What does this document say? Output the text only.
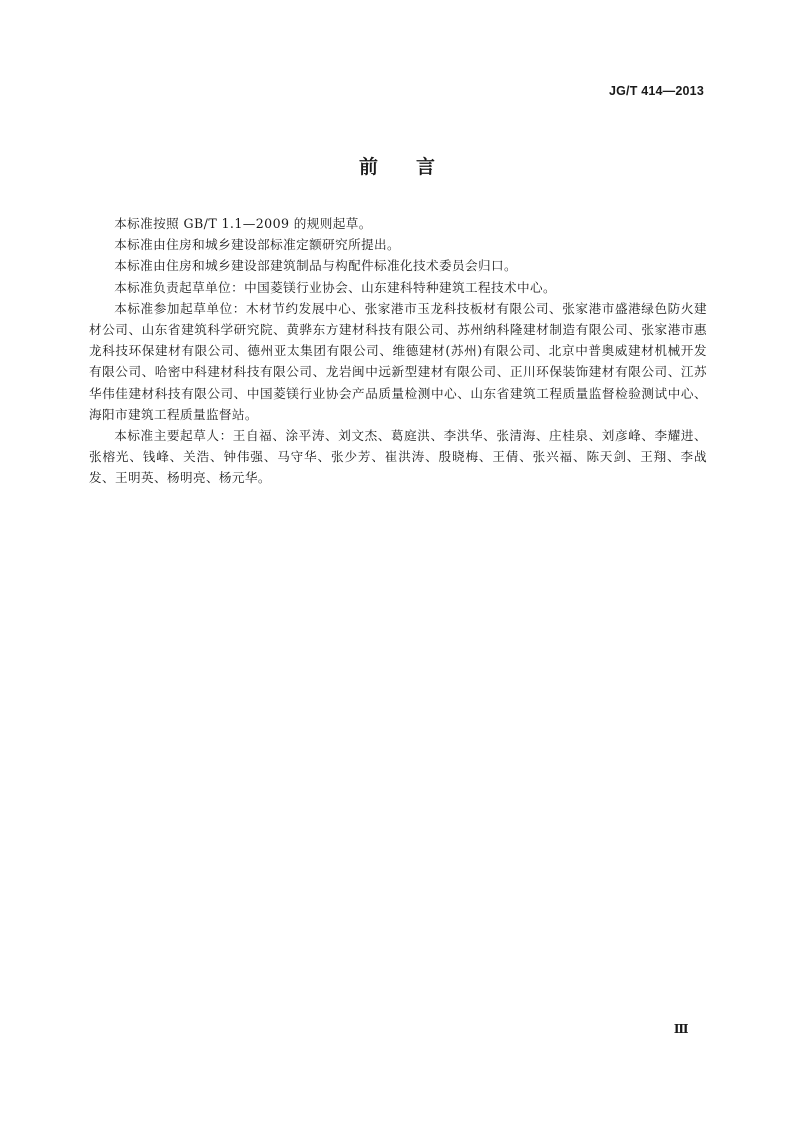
JG/T 414—2013
前言

本标准按照 GB/T 1.1—2009 的规则起草。

本标准由住房和城乡建设部标准定额研究所提出。

本标准由住房和城乡建设部建筑制品与构配件标准化技术委员会归口。

本标准负责起草单位：中国菱镁行业协会、山东建科特种建筑工程技术中心。

本标准参加起草单位：木材节约发展中心、张家港市玉龙科技板材有限公司、张家港市盛港绿色防火建材公司、山东省建筑科学研究院、黄骅东方建材科技有限公司、苏州纳科隆建材制造有限公司、张家港市惠龙科技环保建材有限公司、德州亚太集团有限公司、维德建材(苏州)有限公司、北京中普奥威建材机械开发有限公司、哈密中科建材科技有限公司、龙岩闽中远新型建材有限公司、正川环保装饰建材有限公司、江苏华伟佳建材科技有限公司、中国菱镁行业协会产品质量检测中心、山东省建筑工程质量监督检验测试中心、海阳市建筑工程质量监督站。

本标准主要起草人：王自福、涂平涛、刘文杰、葛庭洪、李洪华、张清海、庄桂泉、刘彦峰、李耀进、张榕光、钱峰、关浩、钟伟强、马守华、张少芳、崔洪涛、殷晓梅、王倩、张兴福、陈天剑、王翔、李战发、王明英、杨明亮、杨元华。

Ⅲ
